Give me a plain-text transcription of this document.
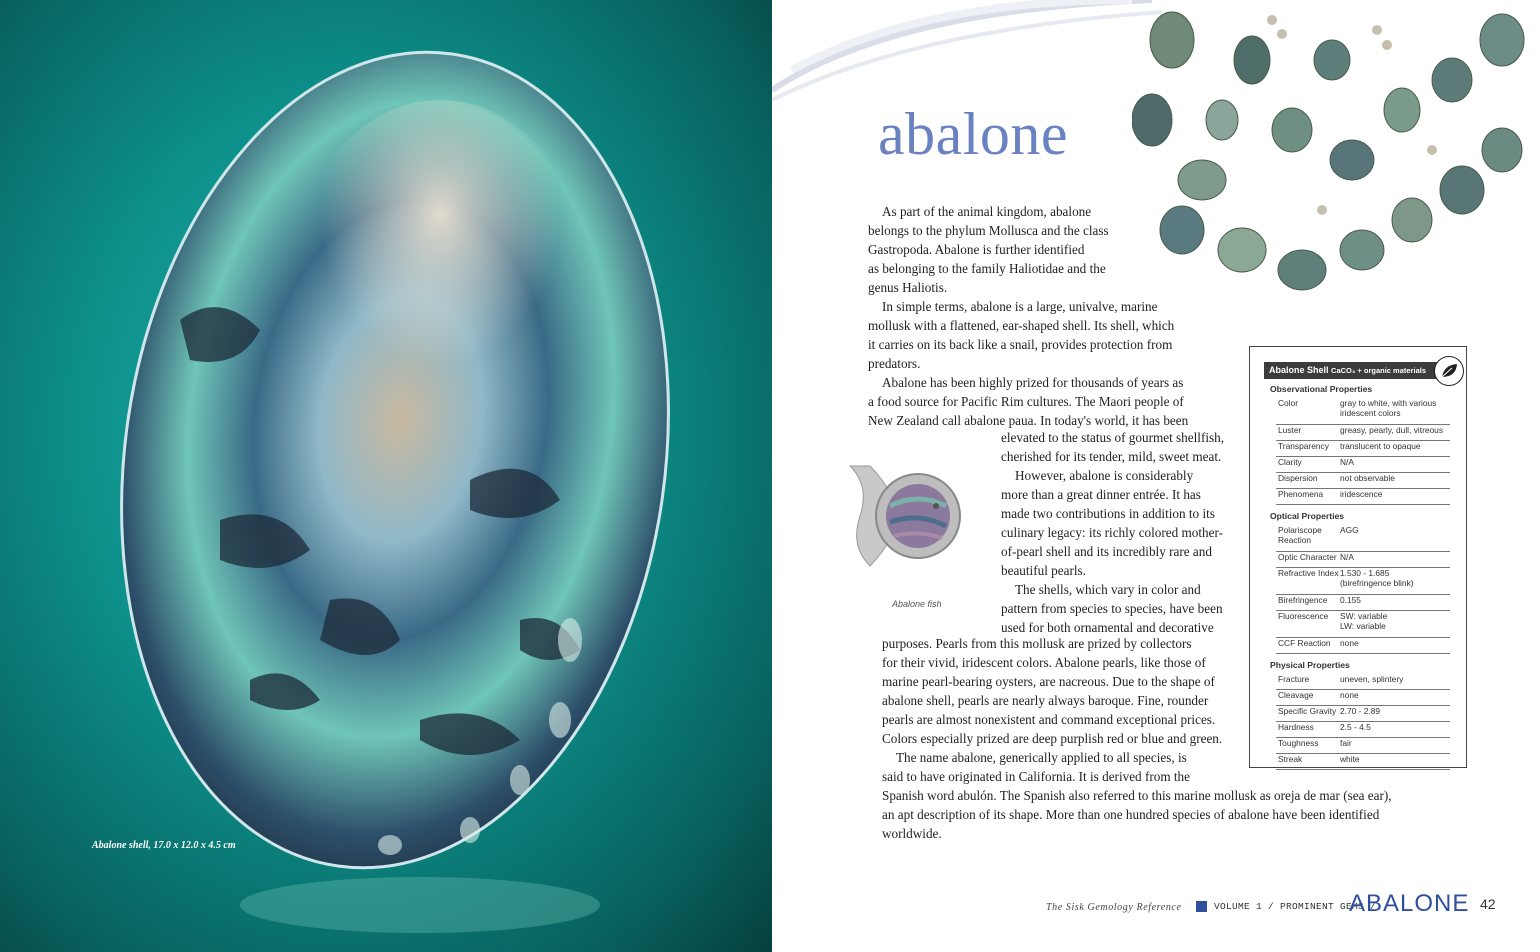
Abalone shell, 17.0 x 12.0 x 4.5 cm
abalone
As part of the animal kingdom, abalone
belongs to the phylum Mollusca and the class
Gastropoda. Abalone is further identified
as belonging to the family Haliotidae and the
genus Haliotis.
In simple terms, abalone is a large, univalve, marine
mollusk with a flattened, ear-shaped shell. Its shell, which
it carries on its back like a snail, provides protection from
predators.
Abalone has been highly prized for thousands of years as
a food source for Pacific Rim cultures. The Maori people of
New Zealand call abalone paua. In today's world, it has been
elevated to the status of gourmet shellfish,
cherished for its tender, mild, sweet meat.
However, abalone is considerably
more than a great dinner entrée. It has
made two contributions in addition to its
culinary legacy: its richly colored mother-
of-pearl shell and its incredibly rare and
beautiful pearls.
The shells, which vary in color and
pattern from species to species, have been
used for both ornamental and decorative
purposes. Pearls from this mollusk are prized by collectors
for their vivid, iridescent colors. Abalone pearls, like those of
marine pearl-bearing oysters, are nacreous. Due to the shape of
abalone shell, pearls are nearly always baroque. Fine, rounder
pearls are almost nonexistent and command exceptional prices.
Colors especially prized are deep purplish red or blue and green.
The name abalone, generically applied to all species, is
said to have originated in California. It is derived from the
Spanish word abulón. The Spanish also referred to this marine mollusk as oreja de mar (sea ear),
an apt description of its shape. More than one hundred species of abalone have been identified
worldwide.
Abalone fish
Abalone Shell CaCO₃ + organic materials
Observational Properties
Color	gray to white, with various
iridescent colors
Luster	greasy, pearly, dull, vitreous
Transparency translucent to opaque
Clarity	N/A
Dispersion	not observable
Phenomena iridescence
Optical Properties
Polariscope
Reaction
AGG
Optic Character N/A
Refractive Index 1.530 - 1.685
(birefringence blink)
Birefringence 0.155
Fluorescence SW: variable
LW: variable
CCF Reaction none
Physical Properties
Fracture	uneven, splintery
Cleavage	none
Specific Gravity 2.70 - 2.89
Hardness	2.5 - 4.5
Toughness	fair
Streak	white
The Sisk Gemology Reference	VOLUME 1 / PROMINENT GEMS /
ABALONE 42
